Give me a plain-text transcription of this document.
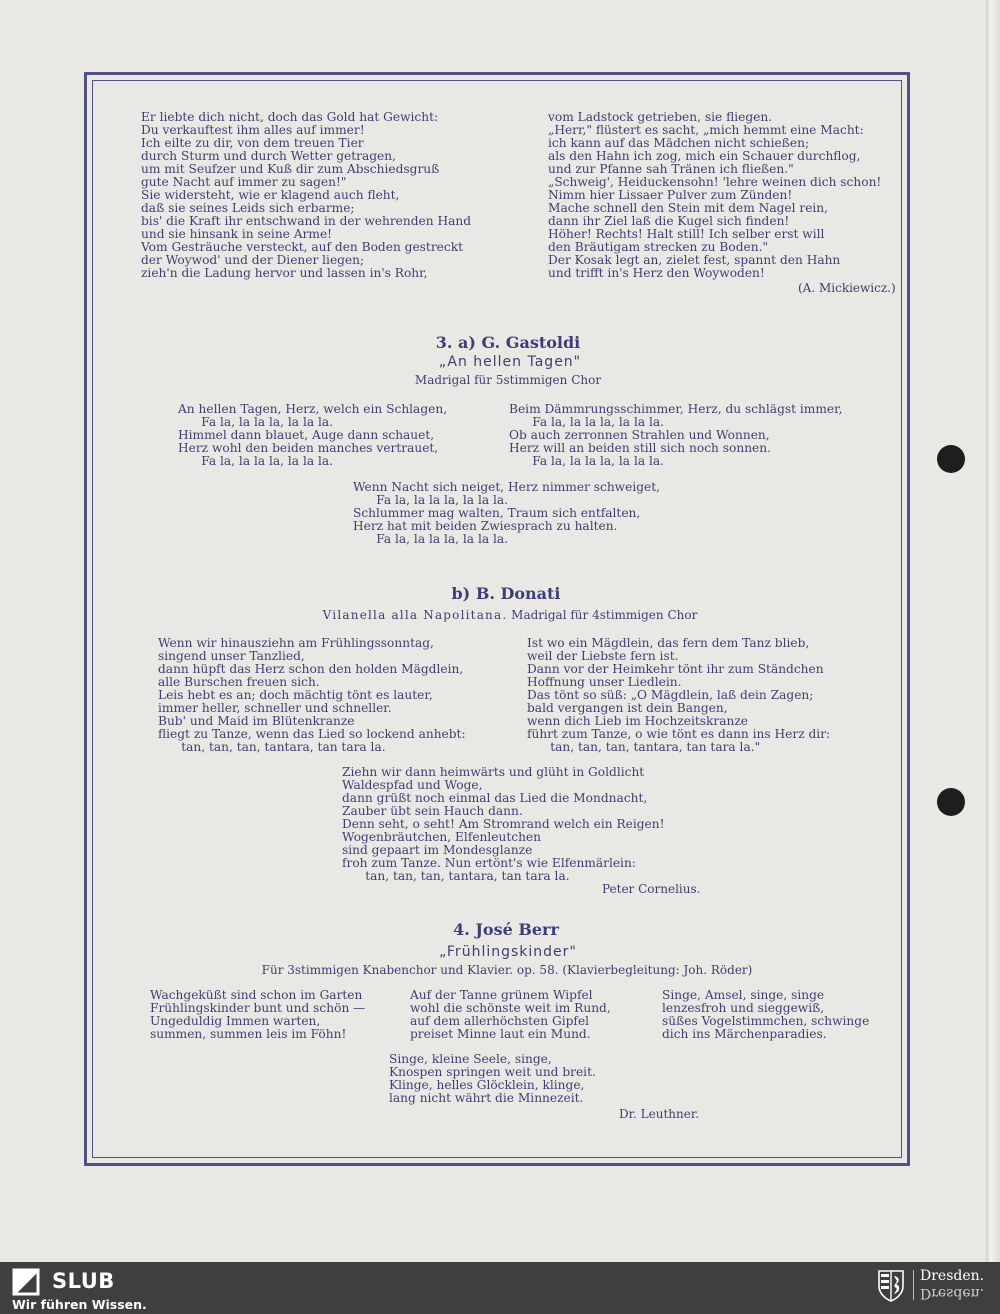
Er liebte dich nicht, doch das Gold hat Gewicht:
Du verkauftest ihm alles auf immer!
Ich eilte zu dir, von dem treuen Tier
durch Sturm und durch Wetter getragen,
um mit Seufzer und Kuß dir zum Abschiedsgruß
gute Nacht auf immer zu sagen!"
Sie widersteht, wie er klagend auch fleht,
daß sie seines Leids sich erbarme;
bis' die Kraft ihr entschwand in der wehrenden Hand
und sie hinsank in seine Arme!
Vom Gesträuche versteckt, auf den Boden gestreckt
der Woywod' und der Diener liegen;
zieh'n die Ladung hervor und lassen in's Rohr,
vom Ladstock getrieben, sie fliegen.
„Herr," flüstert es sacht, „mich hemmt eine Macht:
ich kann auf das Mädchen nicht schießen;
als den Hahn ich zog, mich ein Schauer durchflog,
und zur Pfanne sah Tränen ich fließen."
„Schweig', Heiduckensohn! 'lehre weinen dich schon!
Nimm hier Lissaer Pulver zum Zünden!
Mache schnell den Stein mit dem Nagel rein,
dann ihr Ziel laß die Kugel sich finden!
Höher! Rechts! Halt still! Ich selber erst will
den Bräutigam strecken zu Boden."
Der Kosak legt an, zielet fest, spannt den Hahn
und trifft in's Herz den Woywoden!

(A. Mickiewicz.)

3. a) G. Gastoldi

„An hellen Tagen"

Madrigal für 5stimmigen Chor

An hellen Tagen, Herz, welch ein Schlagen,
Fa la, la la la, la la la.
Himmel dann blauet, Auge dann schauet,
Herz wohl den beiden manches vertrauet,
Fa la, la la la, la la la.
Beim Dämmrungsschimmer, Herz, du schlägst immer,
Fa la, la la la, la la la.
Ob auch zerronnen Strahlen und Wonnen,
Herz will an beiden still sich noch sonnen.
Fa la, la la la, la la la.
Wenn Nacht sich neiget, Herz nimmer schweiget,
Fa la, la la la, la la la.
Schlummer mag walten, Traum sich entfalten,
Herz hat mit beiden Zwiesprach zu halten.
Fa la, la la la, la la la.

b) B. Donati

Vilanella alla Napolitana. Madrigal für 4stimmigen Chor

Wenn wir hinausziehn am Frühlingssonntag,
singend unser Tanzlied,
dann hüpft das Herz schon den holden Mägdlein,
alle Burschen freuen sich.
Leis hebt es an; doch mächtig tönt es lauter,
immer heller, schneller und schneller.
Bub' und Maid im Blütenkranze
fliegt zu Tanze, wenn das Lied so lockend anhebt:
tan, tan, tan, tantara, tan tara la.
Ist wo ein Mägdlein, das fern dem Tanz blieb,
weil der Liebste fern ist.
Dann vor der Heimkehr tönt ihr zum Ständchen
Hoffnung unser Liedlein.
Das tönt so süß: „O Mägdlein, laß dein Zagen;
bald vergangen ist dein Bangen,
wenn dich Lieb im Hochzeitskranze
führt zum Tanze, o wie tönt es dann ins Herz dir:
tan, tan, tan, tantara, tan tara la."
Ziehn wir dann heimwärts und glüht in Goldlicht
Waldespfad und Woge,
dann grüßt noch einmal das Lied die Mondnacht,
Zauber übt sein Hauch dann.
Denn seht, o seht! Am Stromrand welch ein Reigen!
Wogenbräutchen, Elfenleutchen
sind gepaart im Mondesglanze
froh zum Tanze. Nun ertönt's wie Elfenmärlein:
tan, tan, tan, tantara, tan tara la.

Peter Cornelius.

4. José Berr

„Frühlingskinder"

Für 3stimmigen Knabenchor und Klavier. op. 58. (Klavierbegleitung: Joh. Röder)

Wachgeküßt sind schon im Garten
Frühlingskinder bunt und schön —
Ungeduldig Immen warten,
summen, summen leis im Föhn!
Auf der Tanne grünem Wipfel
wohl die schönste weit im Rund,
auf dem allerhöchsten Gipfel
preiset Minne laut ein Mund.
Singe, Amsel, singe, singe
lenzesfroh und sieggewiß,
süßes Vogelstimmchen, schwinge
dich ins Märchenparadies.
Singe, kleine Seele, singe,
Knospen springen weit und breit.
Klinge, helles Glöcklein, klinge,
lang nicht währt die Minnezeit.

Dr. Leuthner.

SLUB

Wir führen Wissen.

Dresden.

Dresden.
